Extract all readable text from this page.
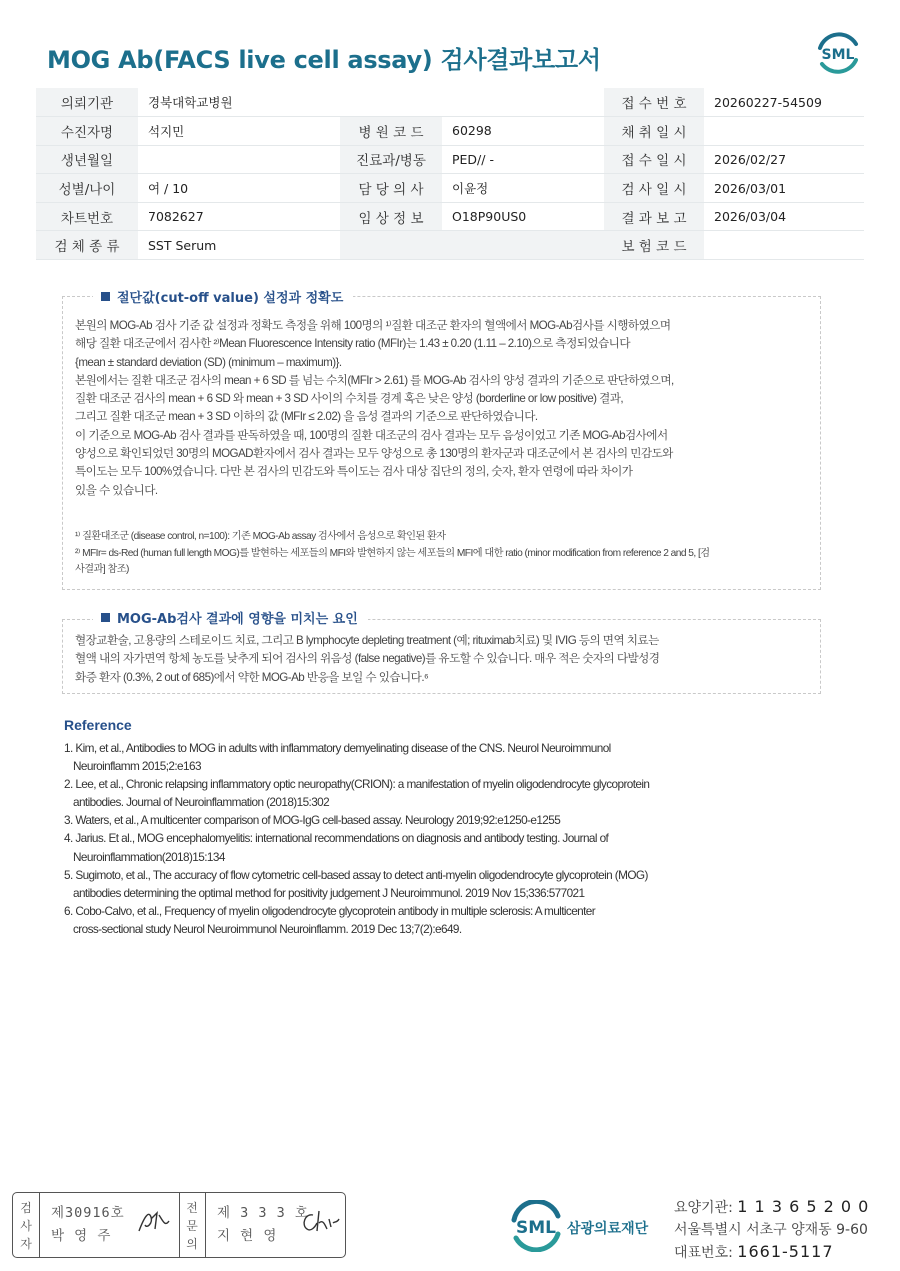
MOG Ab(FACS live cell assay) 검사결과보고서	SML
의뢰기관	경북대학교병원			접 수 번 호	20260227-54509
수진자명	석지민	병 원 코 드	60298	채 취 일 시	
생년월일		진료과/병동	PED// -	접 수 일 시	2026/02/27
성별/나이	여 / 10	담 당 의 사	이윤정	검 사 일 시	2026/03/01
차트번호	7082627	임 상 정 보	O18P90US0	결 과 보 고	2026/03/04
검 체 종 류	SST Serum			보 험 코 드	
절단값(cut-off value) 설정과 정확도
본원의 MOG-Ab 검사 기준 값 설정과 정확도 측정을 위해 100명의 ¹⁾질환 대조군 환자의 혈액에서 MOG-Ab검사를 시행하였으며
해당 질환 대조군에서 검사한 ²⁾Mean Fluorescence Intensity ratio (MFIr)는 1.43 ± 0.20 (1.11 – 2.10)으로 측정되었습니다
{mean ± standard deviation (SD) (minimum – maximum)}.
본원에서는 질환 대조군 검사의 mean + 6 SD 를 넘는 수치(MFIr > 2.61) 를 MOG-Ab 검사의 양성 결과의 기준으로 판단하였으며,
질환 대조군 검사의 mean + 6 SD 와 mean + 3 SD 사이의 수치를 경계 혹은 낮은 양성 (borderline or low positive) 결과,
그리고 질환 대조군 mean + 3 SD 이하의 값 (MFIr ≤ 2.02) 을 음성 결과의 기준으로 판단하였습니다.
이 기준으로 MOG-Ab 검사 결과를 판독하였을 때, 100명의 질환 대조군의 검사 결과는 모두 음성이었고 기존 MOG-Ab검사에서
양성으로 확인되었던 30명의 MOGAD환자에서 검사 결과는 모두 양성으로 총 130명의 환자군과 대조군에서 본 검사의 민감도와
특이도는 모두 100%였습니다. 다만 본 검사의 민감도와 특이도는 검사 대상 집단의 정의, 숫자, 환자 연령에 따라 차이가
있을 수 있습니다.
¹⁾ 질환대조군 (disease control, n=100): 기존 MOG-Ab assay 검사에서 음성으로 확인된 환자
²⁾ MFIr= ds-Red (human full length MOG)를 발현하는 세포들의 MFI와 발현하지 않는 세포들의 MFI에 대한 ratio (minor modification from reference 2 and 5, [검
사결과] 참조)
MOG-Ab검사 결과에 영향을 미치는 요인
혈장교환술, 고용량의 스테로이드 치료, 그리고 B lymphocyte depleting treatment (예; rituximab치료) 및 IVIG 등의 면역 치료는
혈액 내의 자가면역 항체 농도를 낮추게 되어 검사의 위음성 (false negative)를 유도할 수 있습니다. 매우 적은 숫자의 다발성경
화증 환자 (0.3%, 2 out of 685)에서 약한 MOG-Ab 반응을 보일 수 있습니다.⁶
Reference
1. Kim, et al., Antibodies to MOG in adults with inflammatory demyelinating disease of the CNS. Neurol Neuroimmunol
Neuroinflamm 2015;2:e163
2. Lee, et al., Chronic relapsing inflammatory optic neuropathy(CRION): a manifestation of myelin oligodendrocyte glycoprotein
antibodies. Journal of Neuroinflammation (2018)15:302
3. Waters, et al., A multicenter comparison of MOG-IgG cell-based assay. Neurology 2019;92:e1250-e1255
4. Jarius. Et al., MOG encephalomyelitis: international recommendations on diagnosis and antibody testing. Journal of
Neuroinflammation(2018)15:134
5. Sugimoto, et al., The accuracy of flow cytometric cell-based assay to detect anti-myelin oligodendrocyte glycoprotein (MOG)
antibodies determining the optimal method for positivity judgement J Neuroimmunol. 2019 Nov 15;336:577021
6. Cobo-Calvo, et al., Frequency of myelin oligodendrocyte glycoprotein antibody in multiple sclerosis: A multicenter
cross-sectional study Neurol Neuroimmunol Neuroinflamm. 2019 Dec 13;7(2):e649.
검
사
자
제30916호
박 영 주
전
문
의
제 3 3 3 호
지 현 영	SML 삼광의료재단
요양기관: 1 1 3 6 5 2 0 0
서울특별시 서초구 양재동 9-60
대표번호: 1661-5117
